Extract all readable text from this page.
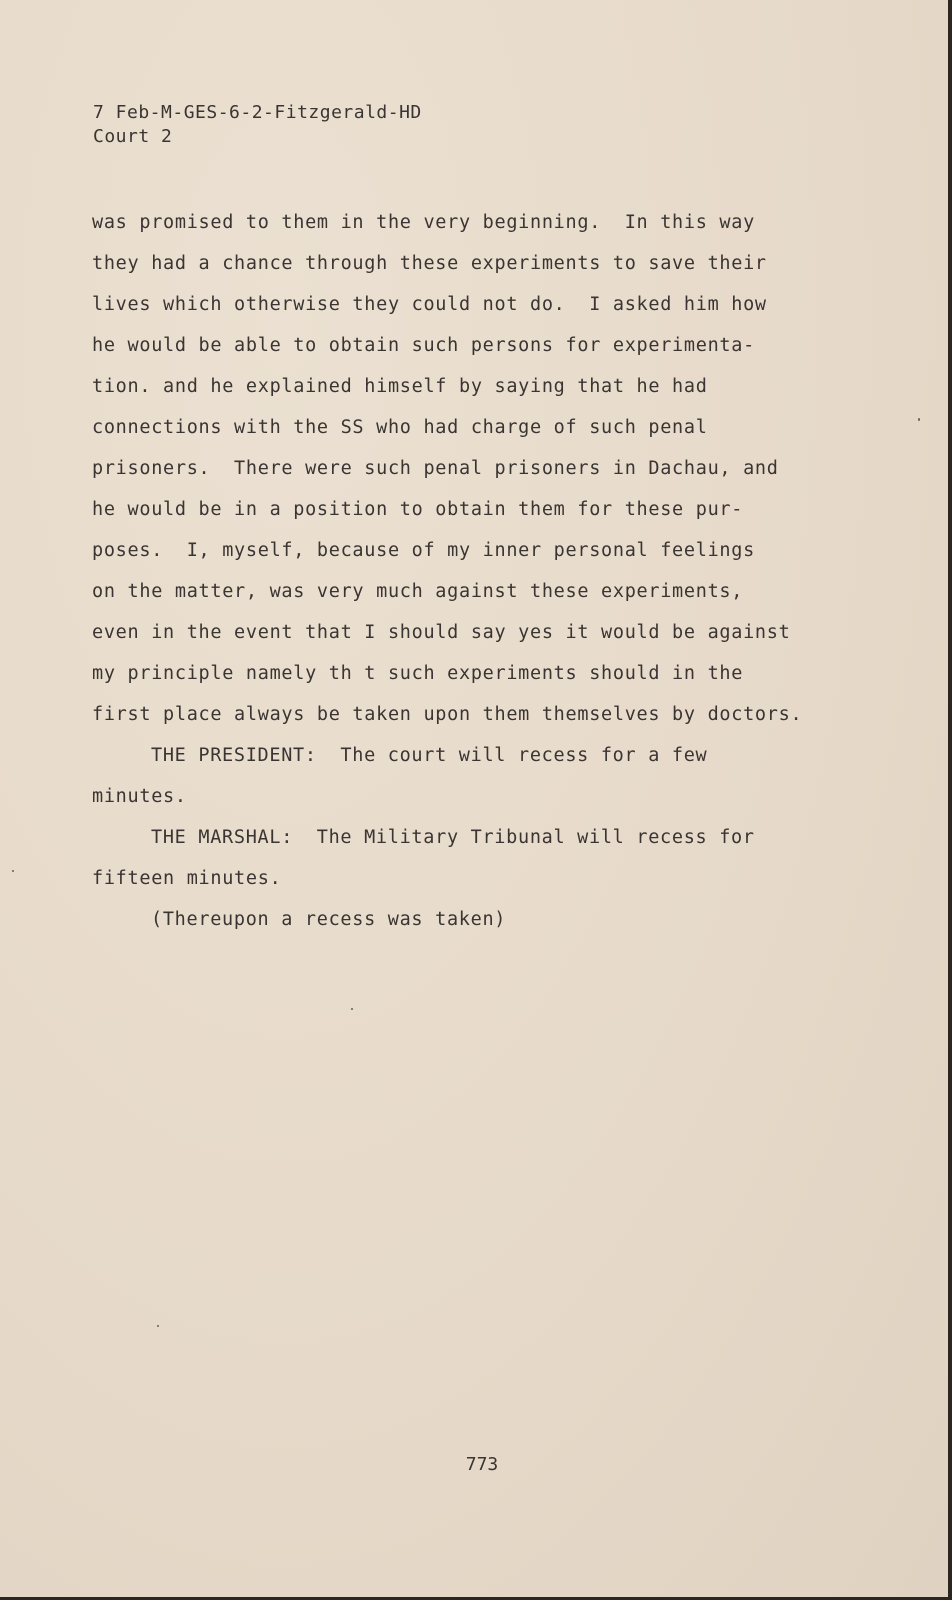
7 Feb-M-GES-6-2-Fitzgerald-HD
Court 2
was promised to them in the very beginning.  In this way
they had a chance through these experiments to save their
lives which otherwise they could not do.  I asked him how
he would be able to obtain such persons for experimenta-
tion. and he explained himself by saying that he had
connections with the SS who had charge of such penal
prisoners.  There were such penal prisoners in Dachau, and
he would be in a position to obtain them for these pur-
poses.  I, myself, because of my inner personal feelings
on the matter, was very much against these experiments,
even in the event that I should say yes it would be against
my principle namely th t such experiments should in the
first place always be taken upon them themselves by doctors.
THE PRESIDENT:  The court will recess for a few
minutes.
THE MARSHAL:  The Military Tribunal will recess for
fifteen minutes.
(Thereupon a recess was taken)
773
